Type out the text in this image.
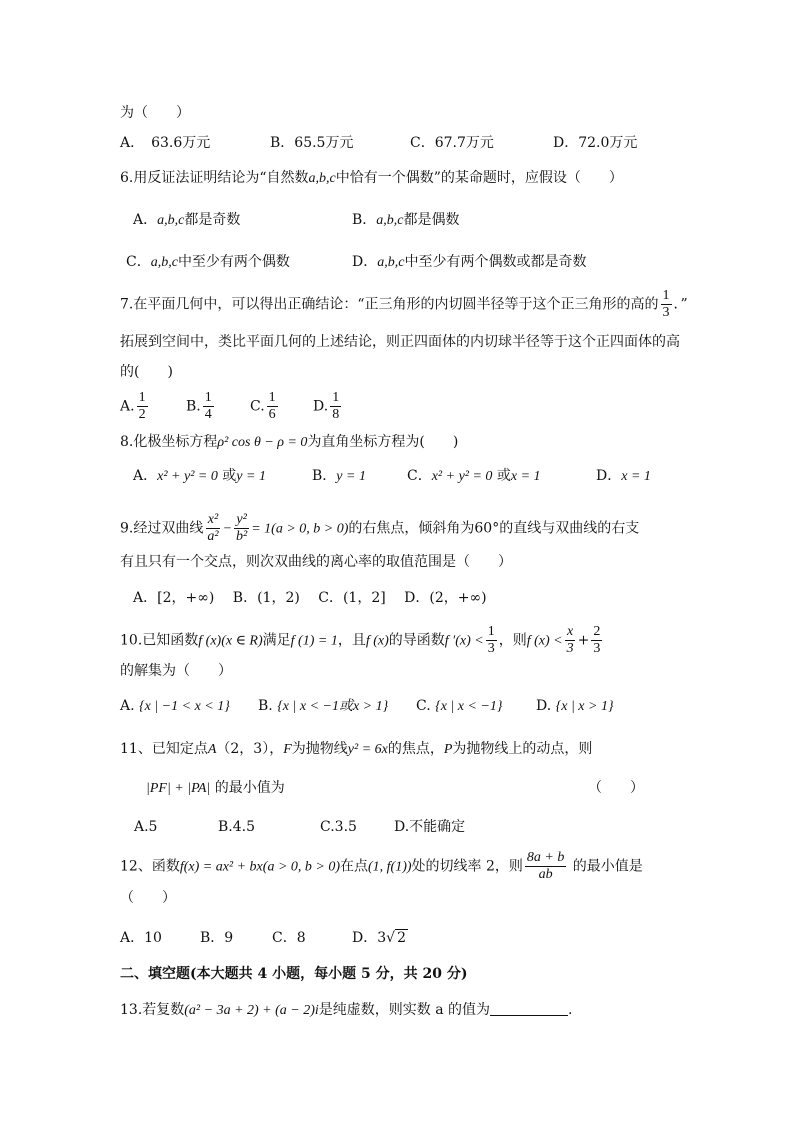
为（　　）
A．　63.6万元	B．65.5万元	C．67.7万元	D．72.0万元
6.用反证法证明结论为“自然数a,b,c中恰有一个偶数”的某命题时，应假设（　　）
A．a,b,c都是奇数	B．a,b,c都是偶数
C．a,b,c中至少有两个偶数	D．a,b,c中至少有两个偶数或都是奇数
7.在平面几何中，可以得出正确结论：“正三角形的内切圆半径等于这个正三角形的高的 $\frac{1}{3}$ ．”
拓展到空间中，类比平面几何的上述结论，则正四面体的内切球半径等于这个正四面体的高
的(　　)
A. $\frac{1}{2}$	B. $\frac{1}{4}$	C. $\frac{1}{6}$	D. $\frac{1}{8}$
8.化极坐标方程ρ² cos θ − ρ = 0为直角坐标方程为(　　)
A．x² + y² = 0 或y = 1	B．y = 1	C．x² + y² = 0 或x = 1	D．x = 1
9.经过双曲线 $\frac{\text{x²}}{\text{a²}} - \frac{\text{y²}}{\text{b²}} = 1(a > 0$, b > 0)的右焦点，倾斜角为60°的直线与双曲线的右支
有且只有一个交点，则次双曲线的离心率的取值范围是（　　）
A．[2，+∞)　 B．(1，2)　 C．(1，2]　 D．(2，+∞)
10.已知函数f (x)(x ∈ R)满足f (1) = 1，且f (x)的导函数f $'(x) < \frac{1}{3}$ ，则f $(x) < \frac{x}{3} + \frac{2}{3}$
的解集为（　　）
A. {x | −1 < x < 1} B. {x | x < −1或x > 1} C. {x | x < −1} D. {x | x > 1}
11、已知定点A（2，3），F为抛物线y² = 6x的焦点，P为抛物线上的动点，则
|PF| + |PA| 的最小值为	（　　）
A.5	B.4.5	C.3.5	D.不能确定
12、函数f(x) = ax² + bx(a > 0, b > 0)在点(1, f(1))处的切线率 2，则 $\frac{8a + b}{ab}$ 的最小值是
（　　）
A．10	B．9	C．8	D．3√ 2
二、填空题(本大题共 4 小题，每小题 5 分，共 20 分)
13.若复数(a² − 3a + 2) + (a − 2)i是纯虚数，则实数 a 的值为	.
